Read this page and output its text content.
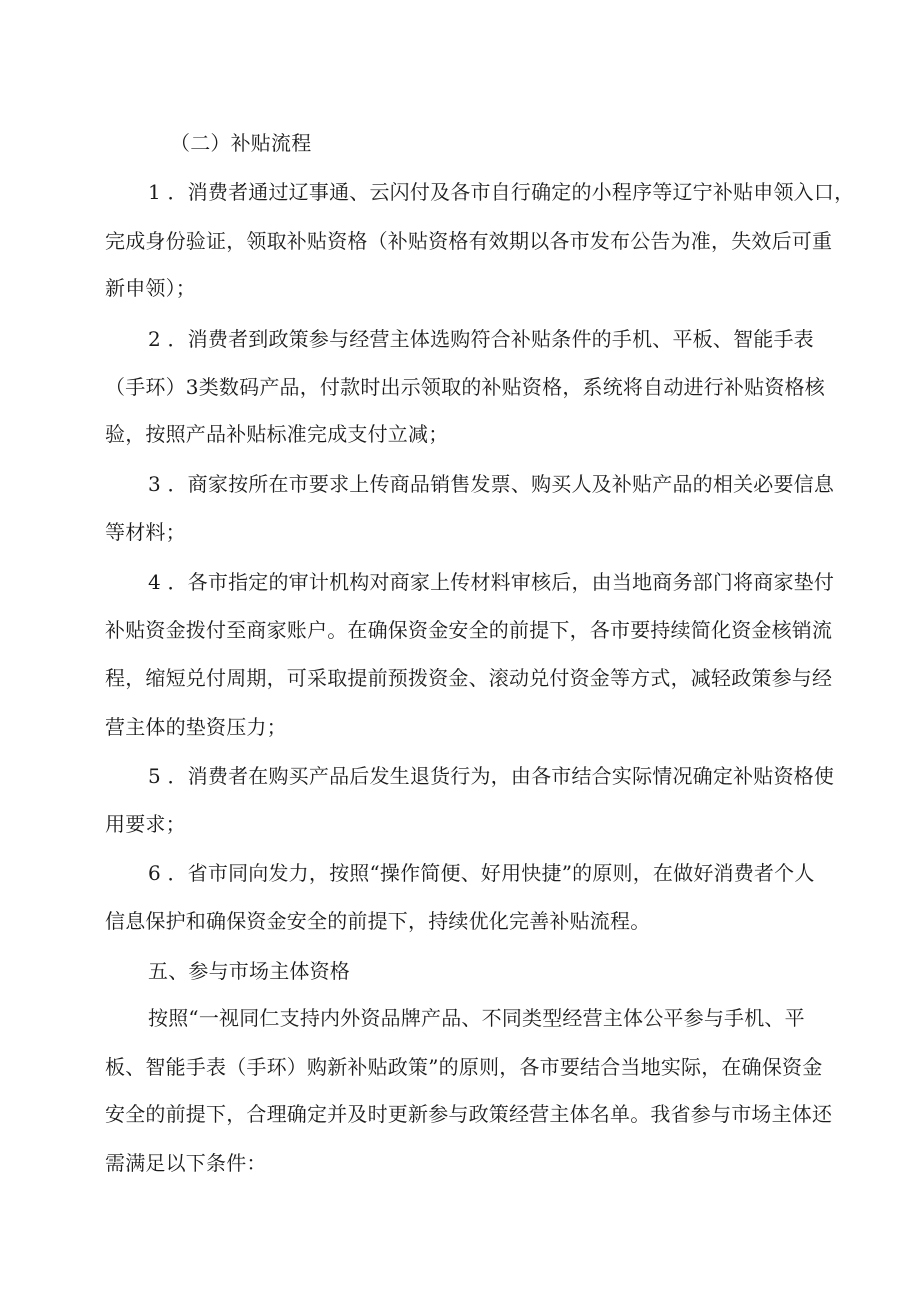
（二）补贴流程
1 ．消费者通过辽事通、云闪付及各市自行确定的小程序等辽宁补贴申领入口，
完成身份验证，领取补贴资格（补贴资格有效期以各市发布公告为准，失效后可重
新申领）；
2 ．消费者到政策参与经营主体选购符合补贴条件的手机、平板、智能手表
（手环）3类数码产品，付款时出示领取的补贴资格，系统将自动进行补贴资格核
验，按照产品补贴标准完成支付立减；
3 ．商家按所在市要求上传商品销售发票、购买人及补贴产品的相关必要信息
等材料；
4 ．各市指定的审计机构对商家上传材料审核后，由当地商务部门将商家垫付
补贴资金拨付至商家账户。在确保资金安全的前提下，各市要持续简化资金核销流
程，缩短兑付周期，可采取提前预拨资金、滚动兑付资金等方式，减轻政策参与经
营主体的垫资压力；
5 ．消费者在购买产品后发生退货行为，由各市结合实际情况确定补贴资格使
用要求；
6 ．省市同向发力，按照“操作简便、好用快捷”的原则，在做好消费者个人
信息保护和确保资金安全的前提下，持续优化完善补贴流程。
五、参与市场主体资格
按照“一视同仁支持内外资品牌产品、不同类型经营主体公平参与手机、平
板、智能手表（手环）购新补贴政策”的原则，各市要结合当地实际，在确保资金
安全的前提下，合理确定并及时更新参与政策经营主体名单。我省参与市场主体还
需满足以下条件：
